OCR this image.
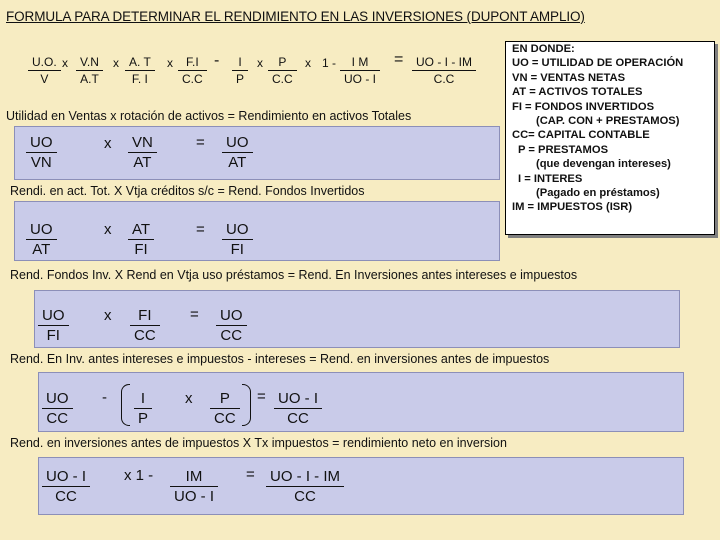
FORMULA PARA DETERMINAR EL RENDIMIENTO EN LAS INVERSIONES (DUPONT AMPLIO)
$\frac{U.O.}{V}$ x $\frac{V.N}{A.T}$ x $\frac{A. T}{F. I}$ x $\frac{F.I}{C.C} - \frac{I}{P}$ x $\frac{P}{C.C}$ x $1 - \frac{\text{I M}}{UO - I} = \frac{UO - I - IM}{C.C}$
EN DONDE:
UO = UTILIDAD DE OPERACIÓN
VN = VENTAS NETAS
AT = ACTIVOS TOTALES
FI = FONDOS INVERTIDOS
(CAP. CON + PRESTAMOS)
CC= CAPITAL CONTABLE
P = PRESTAMOS
(que devengan intereses)
I = INTERES
(Pagado en préstamos)
IM = IMPUESTOS (ISR)
Utilidad en Ventas x rotación de activos = Rendimiento en activos Totales
$\frac{UO}{VN}$	x $\frac{VN}{AT}$	= $\frac{UO}{AT}$
Rendi. en act. Tot. X Vtja créditos s/c = Rend. Fondos Invertidos
$\frac{UO}{AT}$	x $\frac{AT}{FI}$	= $\frac{UO}{FI}$
Rend. Fondos Inv. X Rend en Vtja uso préstamos = Rend. En Inversiones antes intereses e impuestos
$\frac{UO}{FI}$ x $\frac{FI}{CC} = \frac{UO}{CC}$
Rend. En Inv. antes intereses e impuestos - intereses = Rend. en inversiones antes de impuestos
$\frac{UO}{CC} - \frac{I}{P}$ x $\frac{P}{CC} = \frac{UO - I}{CC}$
Rend. en inversiones antes de impuestos X Tx impuestos = rendimiento neto en inversion
$\frac{UO - I}{CC}$ x $1 - \frac{IM}{UO - I} = \frac{UO - I - IM}{CC}$
